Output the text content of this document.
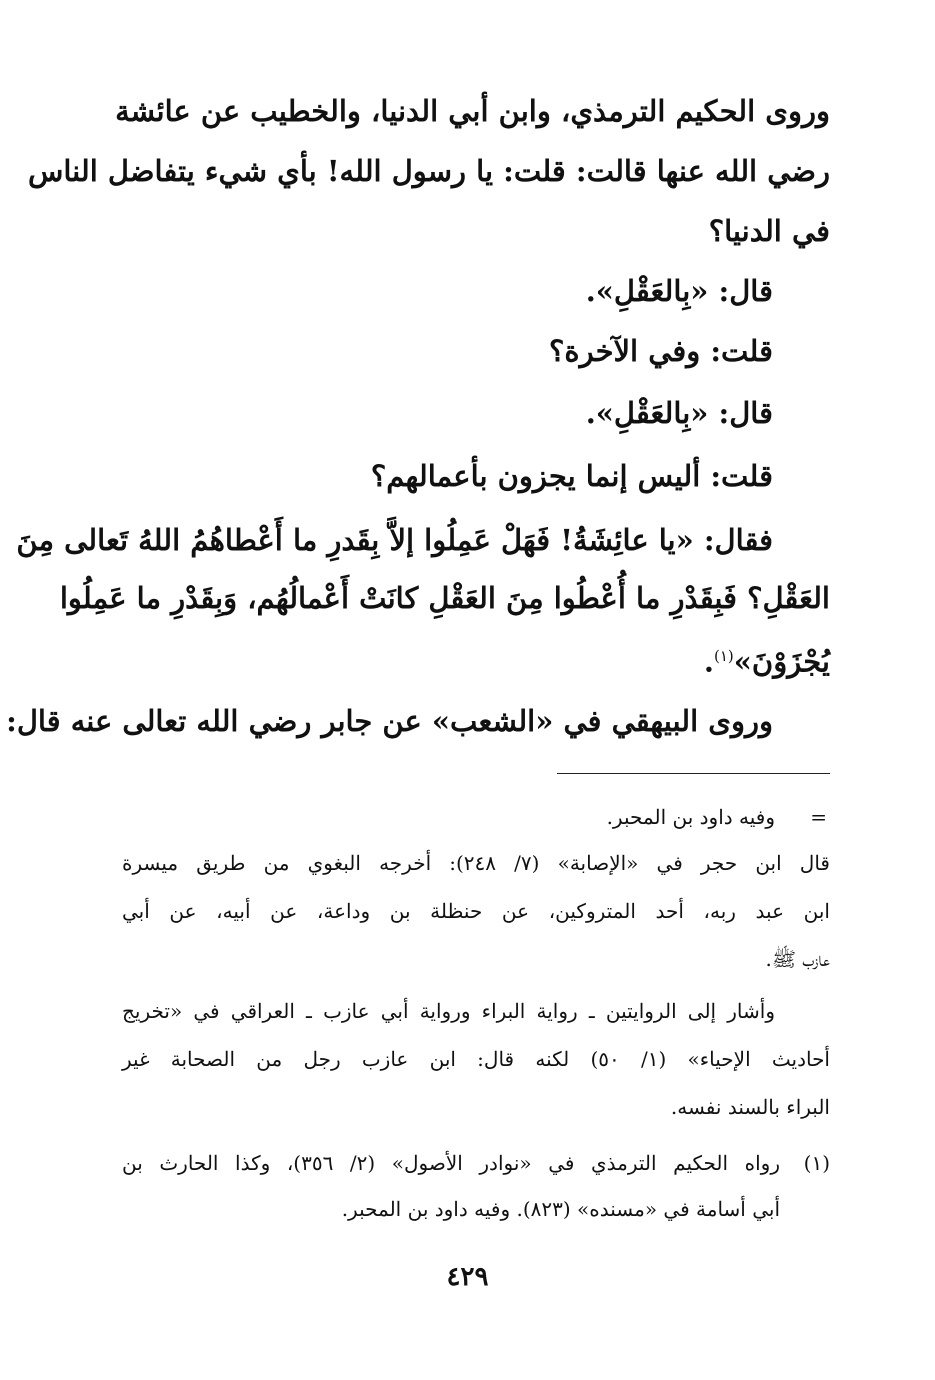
وروى الحكيم الترمذي، وابن أبي الدنيا، والخطيب عن عائشة

رضي الله عنها قالت: قلت: يا رسول الله! بأي شيء يتفاضل الناس

في الدنيا؟

قال: «بِالعَقْلِ».

قلت: وفي الآخرة؟

قال: «بِالعَقْلِ».

قلت: أليس إنما يجزون بأعمالهم؟

فقال: «يا عائِشَةُ! فَهَلْ عَمِلُوا إلاَّ بِقَدرِ ما أَعْطاهُمُ اللهُ تَعالى مِنَ

العَقْلِ؟ فَبِقَدْرِ ما أُعْطُوا مِنَ العَقْلِ كانَتْ أَعْمالُهُم، وَبِقَدْرِ ما عَمِلُوا

يُجْزَوْنَ»$^{(١)}$.

وروى البيهقي في «الشعب» عن جابر رضي الله تعالى عنه قال:

=

وفيه داود بن المحبر.

قال ابن حجر في «الإصابة» (٧/ ٢٤٨): أخرجه البغوي من طريق ميسرة

ابن عبد ربه، أحد المتروكين، عن حنظلة بن وداعة، عن أبيه، عن أبي

عازب ﷺ.

وأشار إلى الروايتين ـ رواية البراء ورواية أبي عازب ـ العراقي في «تخريج

أحاديث الإحياء» (١/ ٥٠) لكنه قال: ابن عازب رجل من الصحابة غير

البراء بالسند نفسه.

(١)

رواه الحكيم الترمذي في «نوادر الأصول» (٢/ ٣٥٦)، وكذا الحارث بن

أبي أسامة في «مسنده» (٨٢٣). وفيه داود بن المحبر.

٤٢٩
